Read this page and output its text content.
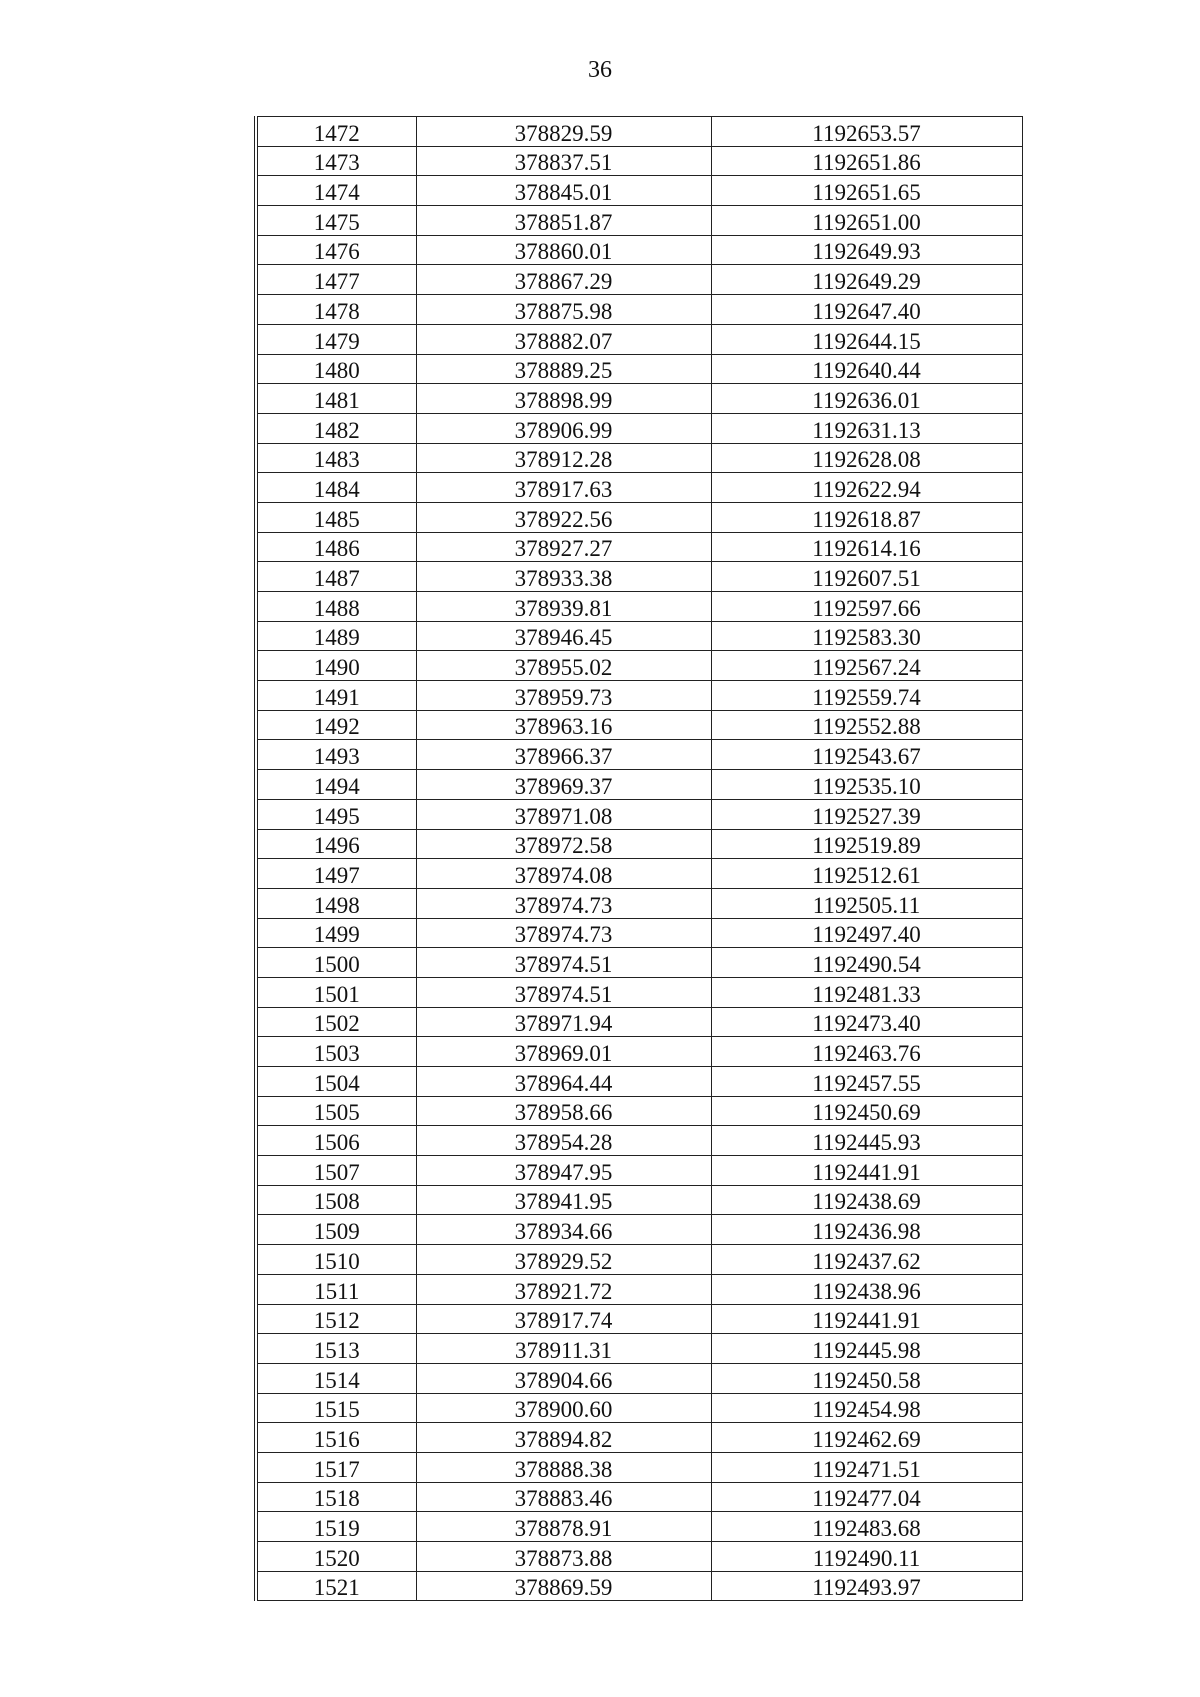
36
1472	378829.59	1192653.57
1473	378837.51	1192651.86
1474	378845.01	1192651.65
1475	378851.87	1192651.00
1476	378860.01	1192649.93
1477	378867.29	1192649.29
1478	378875.98	1192647.40
1479	378882.07	1192644.15
1480	378889.25	1192640.44
1481	378898.99	1192636.01
1482	378906.99	1192631.13
1483	378912.28	1192628.08
1484	378917.63	1192622.94
1485	378922.56	1192618.87
1486	378927.27	1192614.16
1487	378933.38	1192607.51
1488	378939.81	1192597.66
1489	378946.45	1192583.30
1490	378955.02	1192567.24
1491	378959.73	1192559.74
1492	378963.16	1192552.88
1493	378966.37	1192543.67
1494	378969.37	1192535.10
1495	378971.08	1192527.39
1496	378972.58	1192519.89
1497	378974.08	1192512.61
1498	378974.73	1192505.11
1499	378974.73	1192497.40
1500	378974.51	1192490.54
1501	378974.51	1192481.33
1502	378971.94	1192473.40
1503	378969.01	1192463.76
1504	378964.44	1192457.55
1505	378958.66	1192450.69
1506	378954.28	1192445.93
1507	378947.95	1192441.91
1508	378941.95	1192438.69
1509	378934.66	1192436.98
1510	378929.52	1192437.62
1511	378921.72	1192438.96
1512	378917.74	1192441.91
1513	378911.31	1192445.98
1514	378904.66	1192450.58
1515	378900.60	1192454.98
1516	378894.82	1192462.69
1517	378888.38	1192471.51
1518	378883.46	1192477.04
1519	378878.91	1192483.68
1520	378873.88	1192490.11
1521	378869.59	1192493.97
